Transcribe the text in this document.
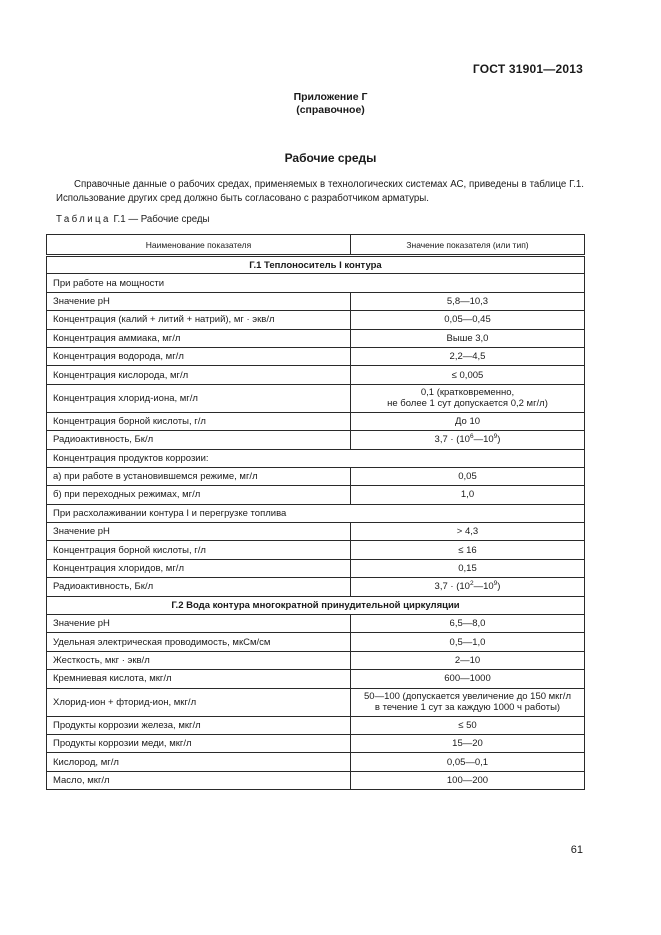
ГОСТ 31901—2013
Приложение Г
(справочное)
Рабочие среды
Справочные данные о рабочих средах, применяемых в технологических системах АС, приведены в таблице Г.1. Использование других сред должно быть согласовано с разработчиком арматуры.
Таблица Г.1 — Рабочие среды
Наименование показателя	Значение показателя (или тип)
Г.1 Теплоноситель I контура	
При работе на мощности	
Значение рН	5,8—10,3
Концентрация (калий + литий + натрий), мг · экв/л	0,05—0,45
Концентрация аммиака, мг/л	Выше 3,0
Концентрация водорода, мг/л	2,2—4,5
Концентрация кислорода, мг/л	≤ 0,005
Концентрация хлорид-иона, мг/л	0,1 (кратковременно,
не более 1 сут допускается 0,2 мг/л)

Концентрация борной кислоты, г/л	До 10
Радиоактивность, Бк/л	$3,7 \cdot (10^6—10^9)$
Концентрация продуктов коррозии:	
а) при работе в установившемся режиме, мг/л	0,05
б) при переходных режимах, мг/л	1,0
При расхолаживании контура I и перегрузке топлива	
Значение рН	> 4,3
Концентрация борной кислоты, г/л	≤ 16
Концентрация хлоридов, мг/л	0,15
Радиоактивность, Бк/л	$3,7 \cdot (10^2—10^9)$
Г.2 Вода контура многократной принудительной циркуляции	
Значение рН	6,5—8,0
Удельная электрическая проводимость, мкСм/см	0,5—1,0
Жесткость, мкг · экв/л	2—10
Кремниевая кислота, мкг/л	600—1000
Хлорид-ион + фторид-ион, мкг/л	50—100 (допускается увеличение до 150 мкг/л
в течение 1 сут за каждую 1000 ч работы)

Продукты коррозии железа, мкг/л	≤ 50
Продукты коррозии меди, мкг/л	15—20
Кислород, мг/л	0,05—0,1
Масло, мкг/л	100—200
61
